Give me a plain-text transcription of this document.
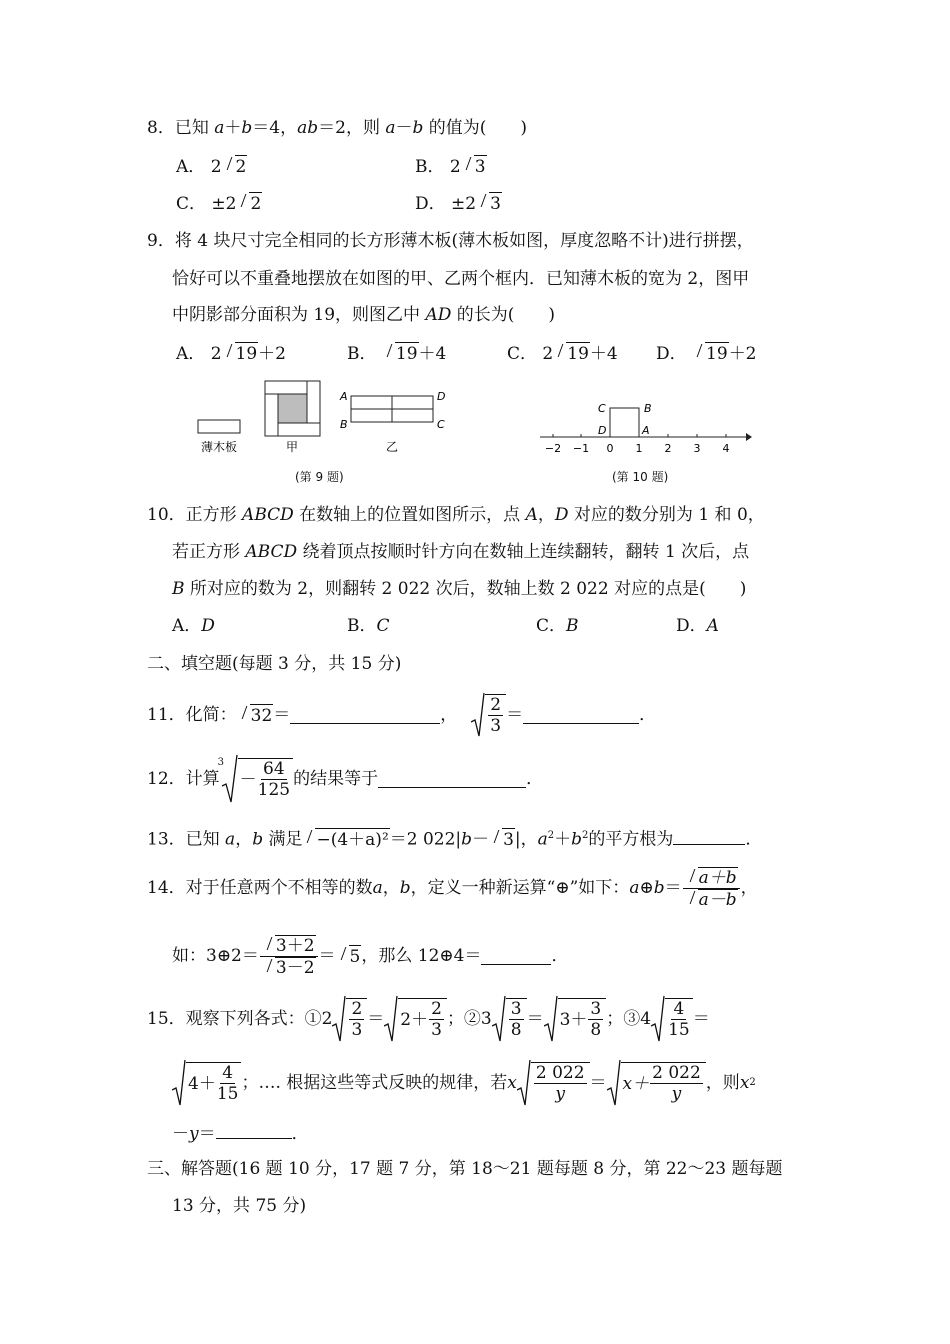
8．已知 a＋b＝4，ab＝2，则 a－b 的值为(　　)
A． 2 2	B． 2 3
C． ±2 2	D． ±2 3
9．将 4 块尺寸完全相同的长方形薄木板(薄木板如图，厚度忽略不计)进行拼摆，
恰好可以不重叠地摆放在如图的甲、乙两个框内．已知薄木板的宽为 2，图甲
中阴影部分面积为 19，则图乙中 AD 的长为(　　)
A． 2 19＋2	B． 19＋4	C． 2 19＋4 D． 19＋2
薄木板	甲
A
B
D
C
乙
(第 9 题)
C	B
D	A
−2 −1 0 1 2 3 4
(第 10 题)
10．正方形 ABCD 在数轴上的位置如图所示，点 A，D 对应的数分别为 1 和 0，
若正方形 ABCD 绕着顶点按顺时针方向在数轴上连续翻转，翻转 1 次后，点
B 所对应的数为 2，则翻转 2 022 次后，数轴上数 2 022 对应的点是(　　)
A．D	B．C	C．B	D．A
二、填空题(每题 3 分，共 15 分)
11．化简： 32 ＝	， $\frac{2}{3}$ ＝	．
12．计算
3
－ $\frac{64}{125}$ 的结果等于	．
13．已知 a，b 满足 −(4＋a)²＝2 022|b－ 3|，$a^2+b^2$的平方根为	．
14．对于任意两个不相等的数 a ， b ，定义一种新运算“⊕”如下： a⊕b ＝ $\frac{a+b}{a-b}$ ，
如：3⊕2＝ $\frac{3+2}{3-2} = 5$ ，那么 12⊕4＝	．
15．观察下列各式：①2 $\frac{2}{3} = 2+ \frac{2}{3}$ ；②3 $\frac{3}{8} = 3+ \frac{3}{8}$ ；③4 $\frac{4}{15}$ ＝
$4+ \frac{4}{15}$ ；…. 根据这些等式反映的规律，若 x $\frac{2 022}{y} = x+ \frac{2 022}{y}$ ，则 x 2
－y＝	．
三、解答题(16 题 10 分，17 题 7 分，第 18～21 题每题 8 分，第 22～23 题每题
13 分，共 75 分)
